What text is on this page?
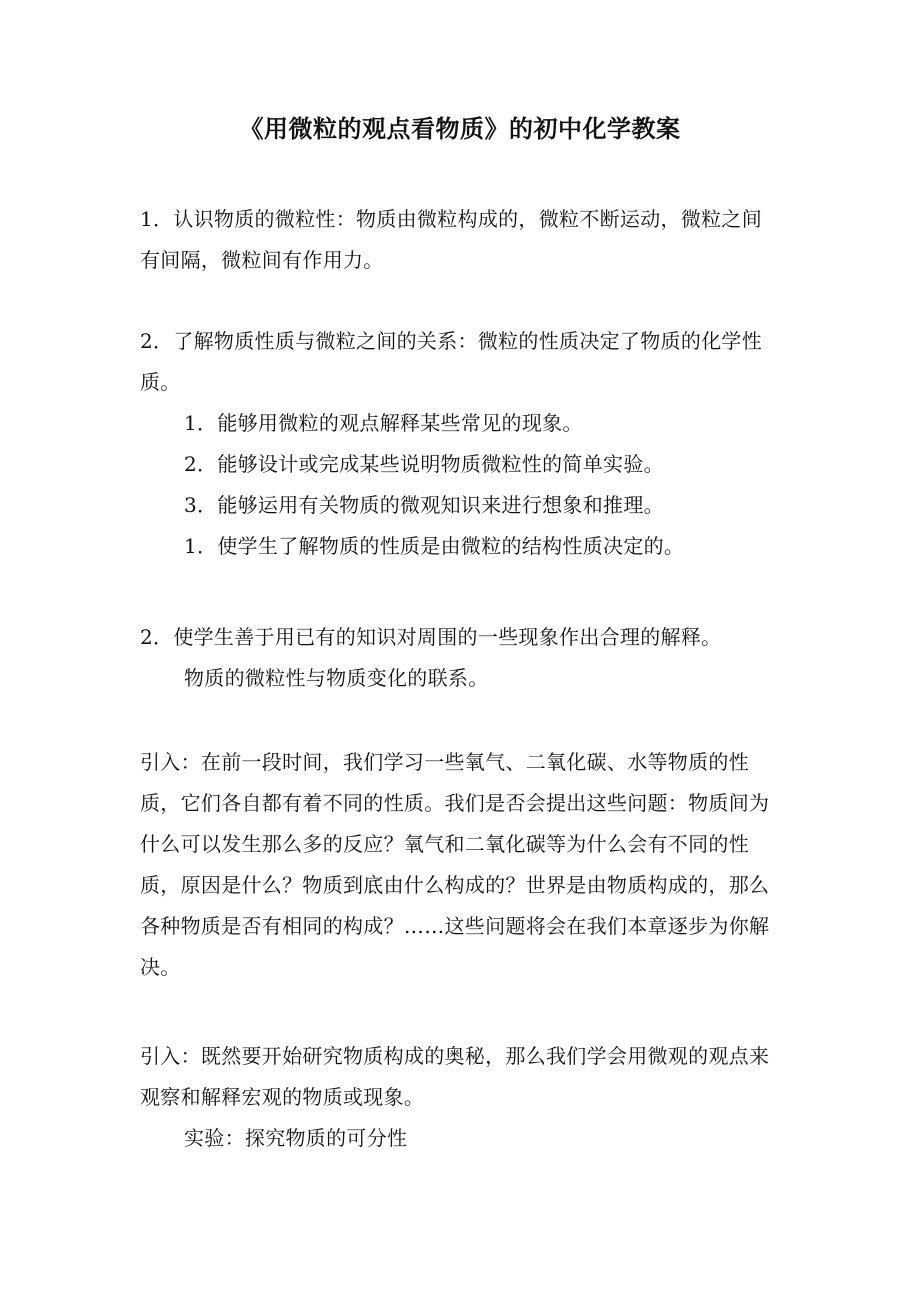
《用微粒的观点看物质》的初中化学教案

1．认识物质的微粒性：物质由微粒构成的，微粒不断运动，微粒之间有间隔，微粒间有作用力。

2．了解物质性质与微粒之间的关系：微粒的性质决定了物质的化学性质。

1．能够用微粒的观点解释某些常见的现象。

2．能够设计或完成某些说明物质微粒性的简单实验。

3．能够运用有关物质的微观知识来进行想象和推理。

1．使学生了解物质的性质是由微粒的结构性质决定的。

2．使学生善于用已有的知识对周围的一些现象作出合理的解释。

物质的微粒性与物质变化的联系。

引入：在前一段时间，我们学习一些氧气、二氧化碳、水等物质的性质，它们各自都有着不同的性质。我们是否会提出这些问题：物质间为什么可以发生那么多的反应？氧气和二氧化碳等为什么会有不同的性质，原因是什么？物质到底由什么构成的？世界是由物质构成的，那么各种物质是否有相同的构成？……这些问题将会在我们本章逐步为你解决。

引入：既然要开始研究物质构成的奥秘，那么我们学会用微观的观点来观察和解释宏观的物质或现象。

实验：探究物质的可分性
